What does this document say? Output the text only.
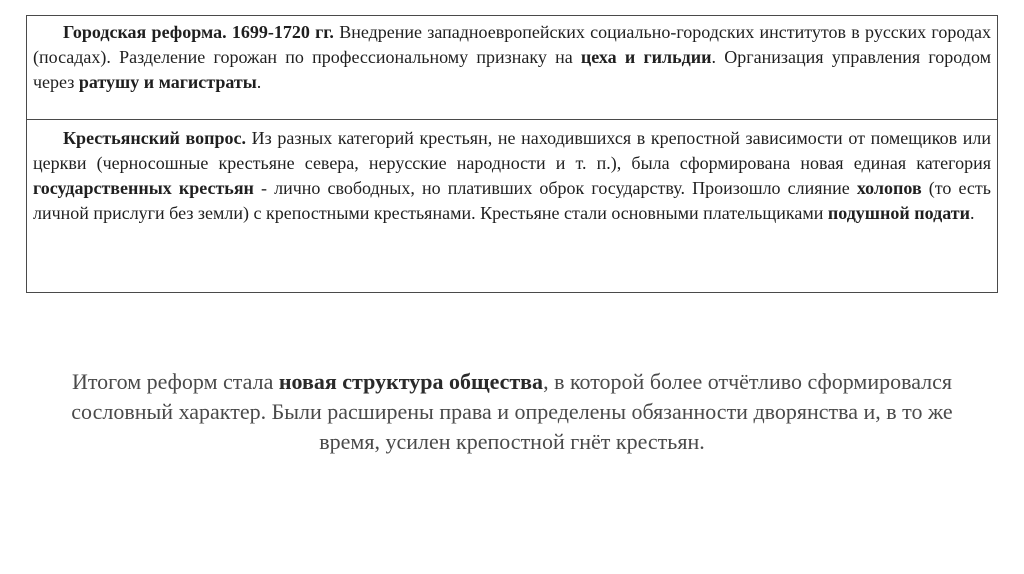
Городская реформа. 1699-1720 гг. Внедрение западноевропейских социально-городских институтов в русских городах (посадах). Разделение горожан по профессиональному признаку на цеха и гильдии. Организация управления городом через ратушу и магистраты.
Крестьянский вопрос. Из разных категорий крестьян, не находившихся в крепостной зависимости от помещиков или церкви (черносошные крестьяне севера, нерусские народности и т. п.), была сформирована новая единая категория государственных крестьян - лично свободных, но плативших оброк государству. Произошло слияние холопов (то есть личной прислуги без земли) с крепостными крестьянами. Крестьяне стали основными плательщиками подушной подати.
Итогом реформ стала новая структура общества, в которой более отчётливо сформировался сословный характер. Были расширены права и определены обязанности дворянства и, в то же время, усилен крепостной гнёт крестьян.
